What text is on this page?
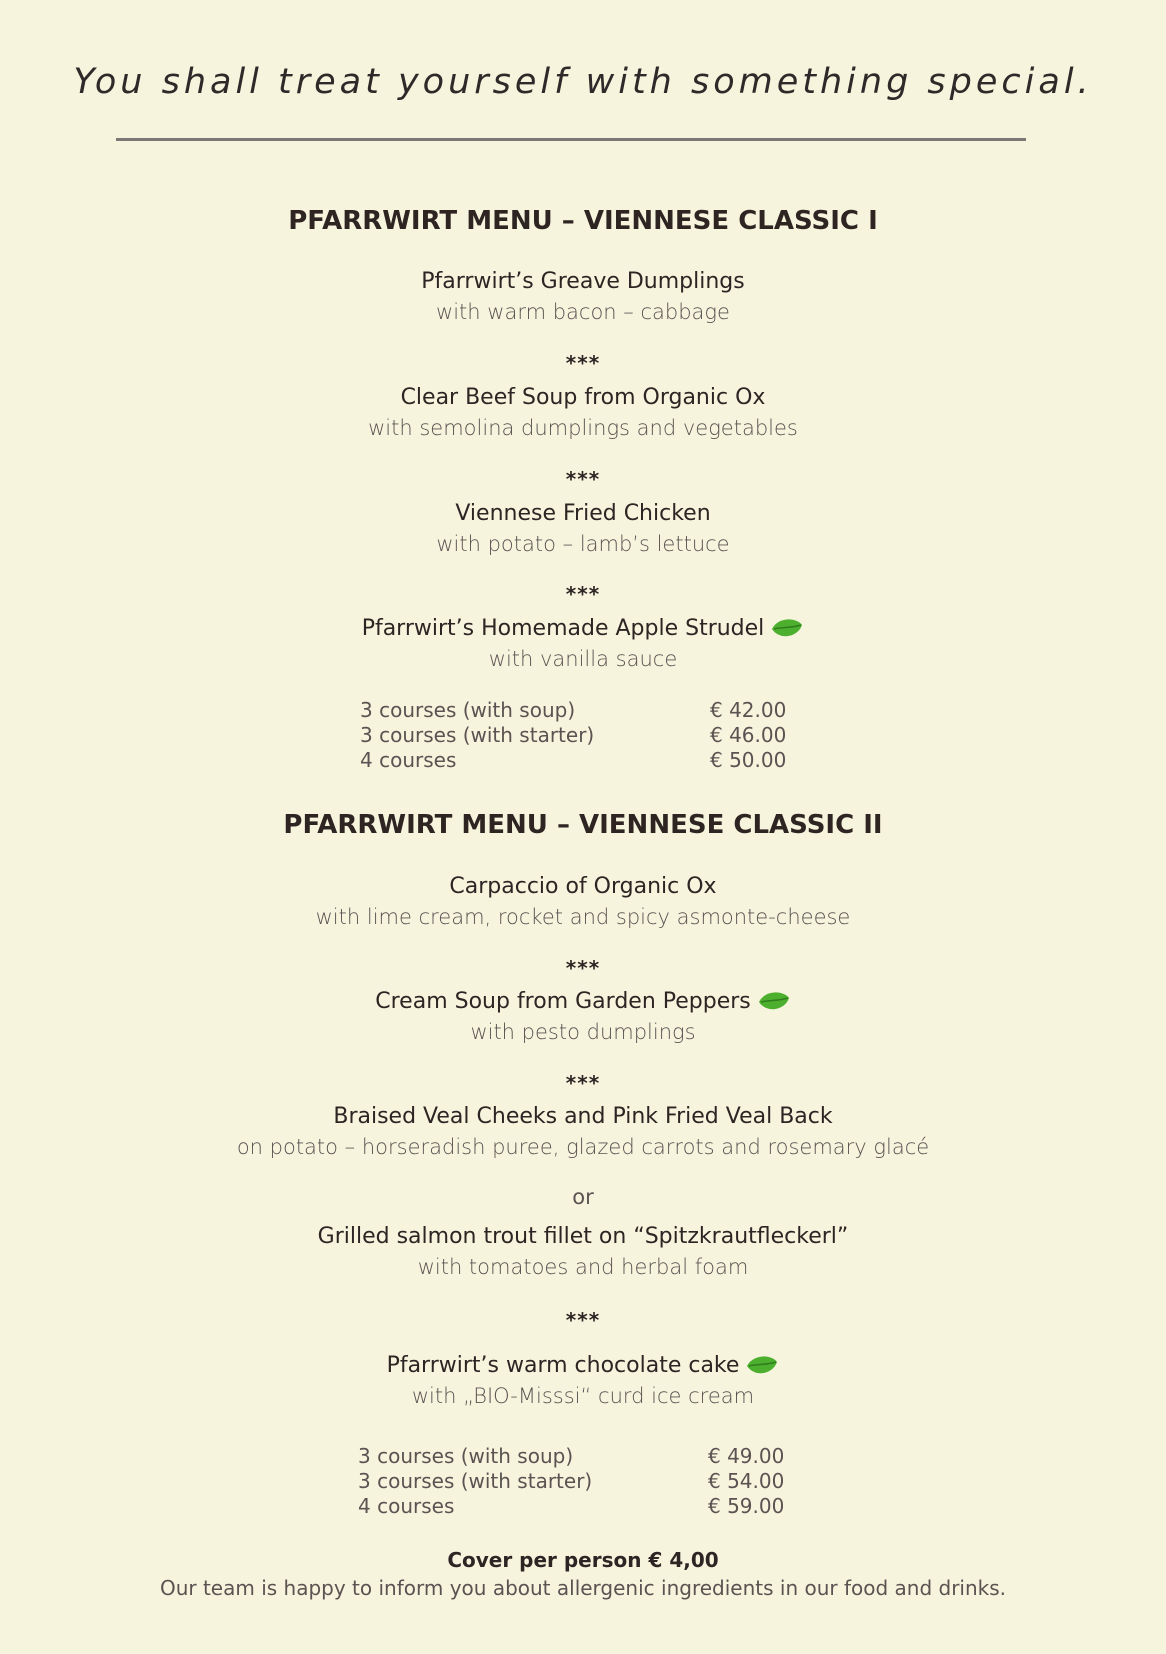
You shall treat yourself with something special.
PFARRWIRT MENU – VIENNESE CLASSIC I
Pfarrwirt’s Greave Dumplings
with warm bacon – cabbage
***
Clear Beef Soup from Organic Ox
with semolina dumplings and vegetables
***
Viennese Fried Chicken
with potato – lamb’s lettuce
***
Pfarrwirt’s Homemade Apple Strudel
with vanilla sauce
3 courses (with soup)	€ 42.00
3 courses (with starter)	€ 46.00
4 courses	€ 50.00
PFARRWIRT MENU – VIENNESE CLASSIC II
Carpaccio of Organic Ox
with lime cream, rocket and spicy asmonte-cheese
***
Cream Soup from Garden Peppers
with pesto dumplings
***
Braised Veal Cheeks and Pink Fried Veal Back
on potato – horseradish puree, glazed carrots and rosemary glacé
or
Grilled salmon trout fillet on “Spitzkrautfleckerl”
with tomatoes and herbal foam
***
Pfarrwirt’s warm chocolate cake
with „BIO-Misssi“ curd ice cream
3 courses (with soup)	€ 49.00
3 courses (with starter)	€ 54.00
4 courses	€ 59.00
Cover per person € 4,00
Our team is happy to inform you about allergenic ingredients in our food and drinks.
